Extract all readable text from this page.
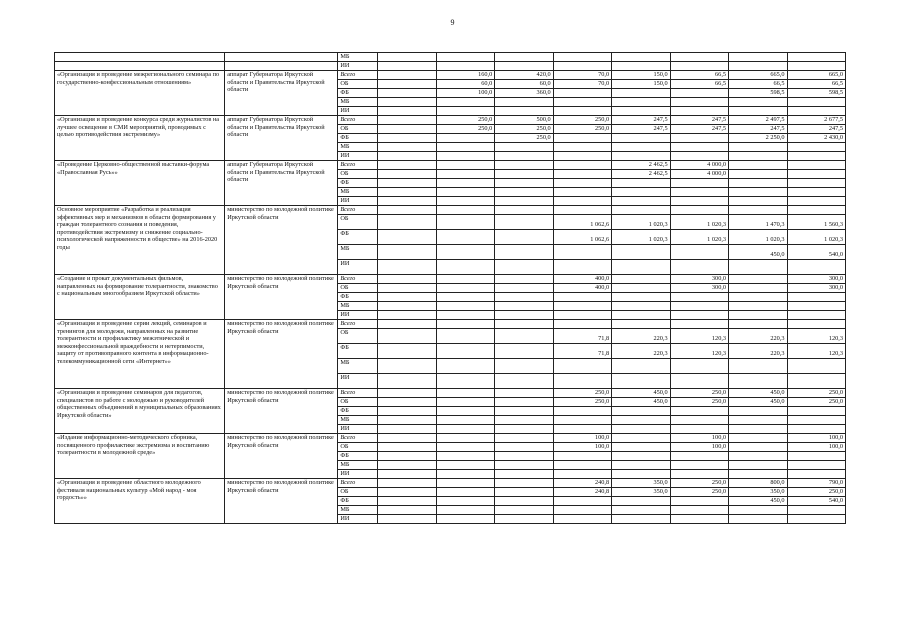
9
		МБ								
		ИИ								
«Организация и проведение межрегионального семинара по государственно-конфессиональным отношениям»	аппарат Губернатора Иркутской области и Правительства Иркутской области	Всего		160,0	420,0	70,0	150,0	66,5	665,0	665,0
		ОБ		60,0	60,0	70,0	150,0	66,5	66,5	66,5
		ФБ		100,0	360,0				598,5	598,5
		МБ								
		ИИ								
«Организация и проведение конкурса среди журналистов на лучшее освещение в СМИ мероприятий, проводимых с целью противодействия экстремизму»	аппарат Губернатора Иркутской области и Правительства Иркутской области	Всего		250,0	500,0	250,0	247,5	247,5	2 497,5	2 677,5
		ОБ		250,0	250,0	250,0	247,5	247,5	247,5	247,5
		ФБ			250,0				2 250,0	2 430,0
		МБ								
		ИИ								
«Проведение Церковно-общественной выставки-форума «Православная Русь»»	аппарат Губернатора Иркутской области и Правительства Иркутской области	Всего					2 462,5	4 000,0		
		ОБ					2 462,5	4 000,0		
		ФБ								
		МБ								
		ИИ								
Основное мероприятие «Разработка и реализация эффективных мер и механизмов в области формирования у граждан толерантного сознания и поведения, противодействия экстремизму и снижение социально-психологической напряженности в обществе» на 2016-2020 годы	министерство по молодежной политике Иркутской области	Всего								
		ОБ				1 062,6	1 020,3	1 020,3	1 470,3	1 560,3
		ФБ				1 062,6	1 020,3	1 020,3	1 020,3	1 020,3
		МБ							450,0	540,0
		ИИ								
«Создание и прокат документальных фильмов, направленных на формирование толерантности, знакомство с национальным многообразием Иркутской области»	министерство по молодежной политике Иркутской области	Всего				400,0		300,0		300,0
		ОБ				400,0		300,0		300,0
		ФБ								
		МБ								
		ИИ								
«Организация и проведение серии лекций, семинаров и тренингов для молодежи, направленных на развитие толерантности и профилактику межэтнической и межконфессиональной враждебности и нетерпимости, защиту от противоправного контента в информационно-телекоммуникационной сети «Интернет»»	министерство по молодежной политике Иркутской области	Всего								
		ОБ				71,8	220,3	120,3	220,3	120,3
		ФБ				71,8	220,3	120,3	220,3	120,3
		МБ								
		ИИ								
«Организация и проведение семинаров для педагогов, специалистов по работе с молодежью и руководителей общественных объединений в муниципальных образованиях Иркутской области»	министерство по молодежной политике Иркутской области	Всего				250,0	450,0	250,0	450,0	250,0
		ОБ				250,0	450,0	250,0	450,0	250,0
		ФБ								
		МБ								
		ИИ								
«Издание информационно-методического сборника, посвященного профилактике экстремизма и воспитанию толерантности в молодежной среде»	министерство по молодежной политике Иркутской области	Всего				100,0		100,0		100,0
		ОБ				100,0		100,0		100,0
		ФБ								
		МБ								
		ИИ								
«Организация и проведение областного молодежного фестиваля национальных культур «Мой народ - моя гордость»»	министерство по молодежной политике Иркутской области	Всего				240,8	350,0	250,0	800,0	790,0
		ОБ				240,8	350,0	250,0	350,0	250,0
		ФБ							450,0	540,0
		МБ								
		ИИ								
